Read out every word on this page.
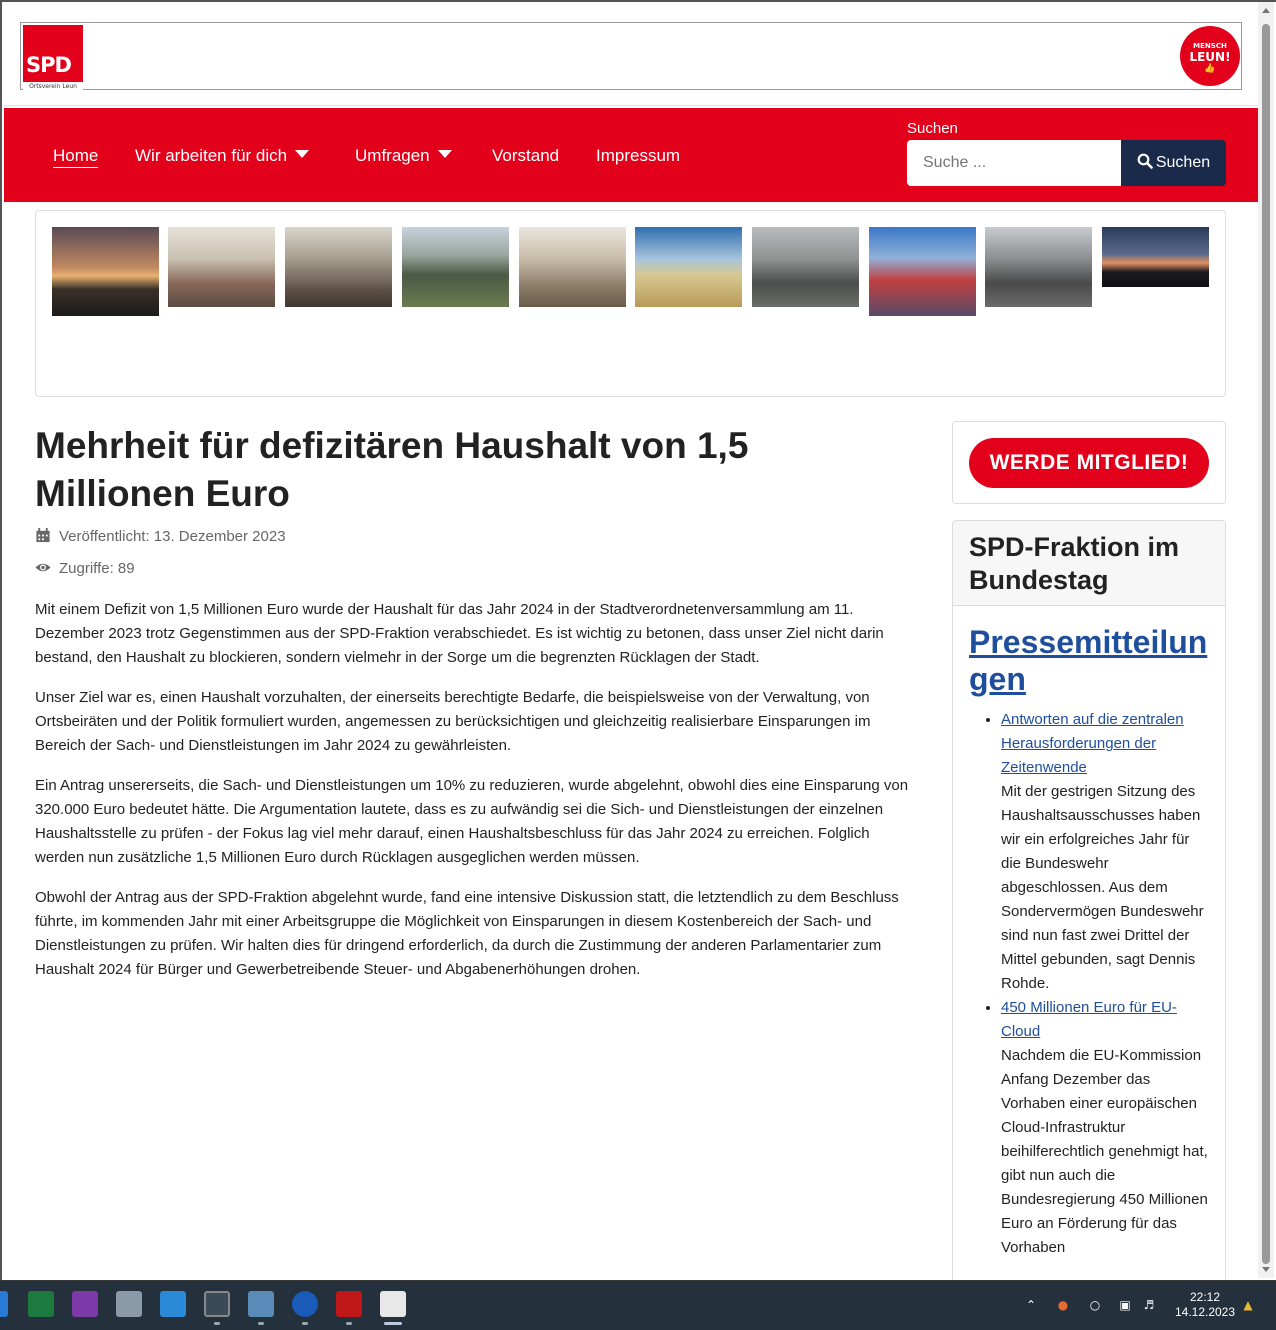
SPD
Ortsverein Leun
MENSCH
LEUN!
👍
Home Wir arbeiten für dich	Umfragen	Vorstand Impressum
Suchen
Suche ...
Suchen
Mehrheit für defizitären Haushalt von 1,5 Millionen Euro
Veröffentlicht: 13. Dezember 2023
Zugriffe: 89

Mit einem Defizit von 1,5 Millionen Euro wurde der Haushalt für das Jahr 2024 in der Stadtverordnetenversammlung am 11. Dezember 2023 trotz Gegenstimmen aus der SPD-Fraktion verabschiedet. Es ist wichtig zu betonen, dass unser Ziel nicht darin bestand, den Haushalt zu blockieren, sondern vielmehr in der Sorge um die begrenzten Rücklagen der Stadt.

Unser Ziel war es, einen Haushalt vorzuhalten, der einerseits berechtigte Bedarfe, die beispielsweise von der Verwaltung, von Ortsbeiräten und der Politik formuliert wurden, angemessen zu berücksichtigen und gleichzeitig realisierbare Einsparungen im Bereich der Sach- und Dienstleistungen im Jahr 2024 zu gewährleisten.

Ein Antrag unsererseits, die Sach- und Dienstleistungen um 10% zu reduzieren, wurde abgelehnt, obwohl dies eine Einsparung von 320.000 Euro bedeutet hätte. Die Argumentation lautete, dass es zu aufwändig sei die Sich- und Dienstleistungen der einzelnen Haushaltsstelle zu prüfen - der Fokus lag viel mehr darauf, einen Haushaltsbeschluss für das Jahr 2024 zu erreichen. Folglich werden nun zusätzliche 1,5 Millionen Euro durch Rücklagen ausgeglichen werden müssen.

Obwohl der Antrag aus der SPD-Fraktion abgelehnt wurde, fand eine intensive Diskussion statt, die letztendlich zu dem Beschluss führte, im kommenden Jahr mit einer Arbeitsgruppe die Möglichkeit von Einsparungen in diesem Kostenbereich der Sach- und Dienstleistungen zu prüfen. Wir halten dies für dringend erforderlich, da durch die Zustimmung der anderen Parlamentarier zum Haushalt 2024 für Bürger und Gewerbetreibende Steuer- und Abgabenerhöhungen drohen.

WERDE MITGLIED!
SPD-Fraktion im Bundestag
Pressemitteilun
gen
• Antworten auf die zentralen Herausforderungen der Zeitenwende
Mit der gestrigen Sitzung des Haushaltsausschusses haben wir ein erfolgreiches Jahr für die Bundeswehr abgeschlossen. Aus dem Sondervermögen Bundeswehr sind nun fast zwei Drittel der Mittel gebunden, sagt Dennis Rohde.
• 450 Millionen Euro für EU-Cloud
Nachdem die EU-Kommission Anfang Dezember das Vorhaben einer europäischen Cloud-Infrastruktur beihilferechtlich genehmigt hat, gibt nun auch die Bundesregierung 450 Millionen Euro an Förderung für das Vorhaben
⌃ ● ○ ▣ ♬
22:12
14.12.2023 ▲
